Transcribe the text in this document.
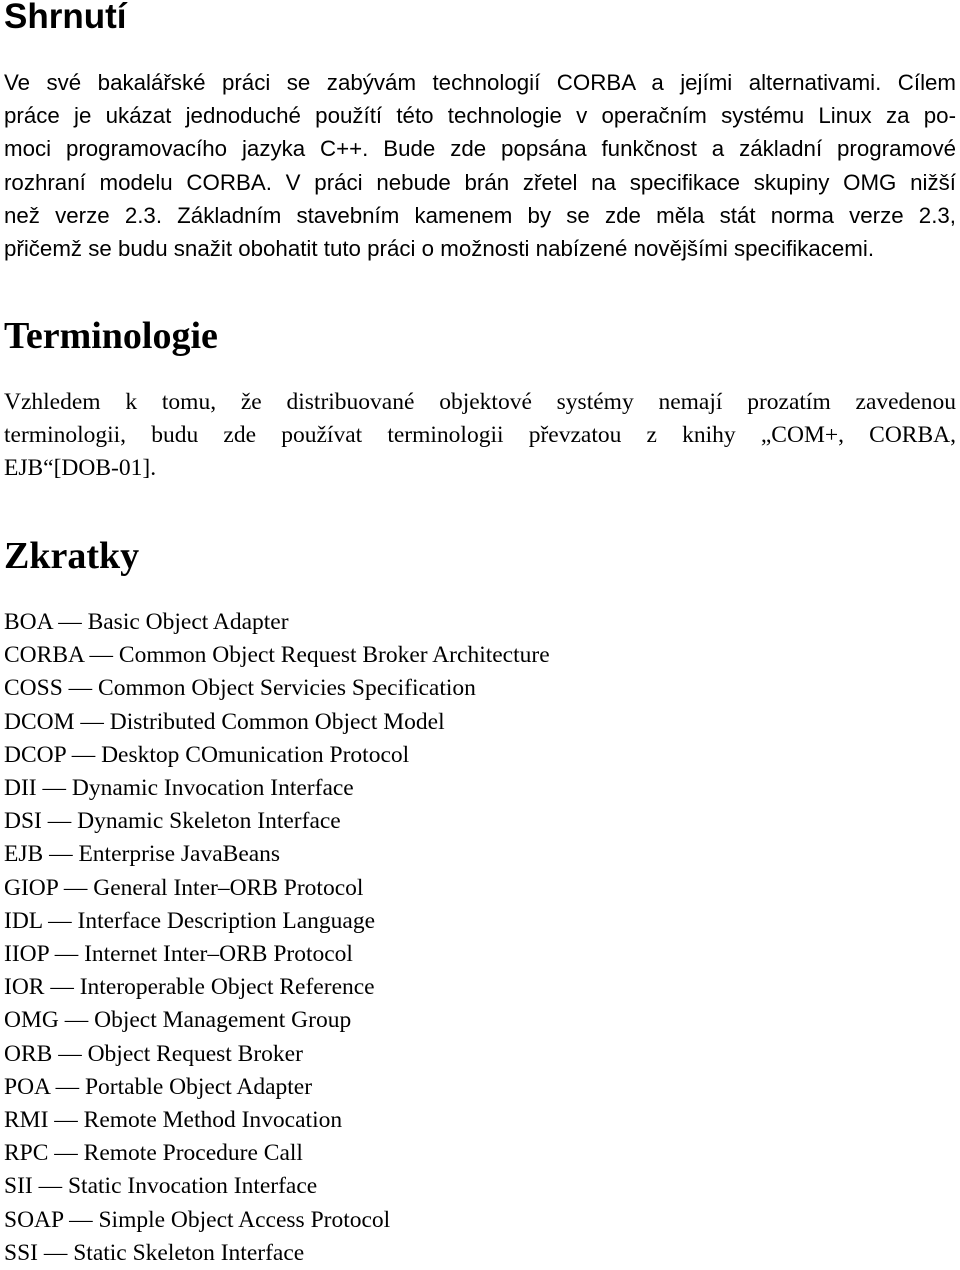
Shrnutí

Ve své bakalářské práci se zabývám technologií CORBA a jejími alternativami. Cílem
práce je ukázat jednoduché použítí této technologie v operačním systému Linux za po-
moci programovacího jazyka C++. Bude zde popsána funkčnost a základní programové
rozhraní modelu CORBA. V práci nebude brán zřetel na specifikace skupiny OMG nižší
než verze 2.3. Základním stavebním kamenem by se zde měla stát norma verze 2.3,
přičemž se budu snažit obohatit tuto práci o možnosti nabízené novějšími specifikacemi.

Terminologie

Vzhledem k tomu, že distribuované objektové systémy nemají prozatím zavedenou
terminologii, budu zde používat terminologii převzatou z knihy „COM+, CORBA,
EJB“[DOB-01].

Zkratky
BOA — Basic Object Adapter
CORBA — Common Object Request Broker Architecture
COSS — Common Object Servicies Specification
DCOM — Distributed Common Object Model
DCOP — Desktop COmunication Protocol
DII — Dynamic Invocation Interface
DSI — Dynamic Skeleton Interface
EJB — Enterprise JavaBeans
GIOP — General Inter–ORB Protocol
IDL — Interface Description Language
IIOP — Internet Inter–ORB Protocol
IOR — Interoperable Object Reference
OMG — Object Management Group
ORB — Object Request Broker
POA — Portable Object Adapter
RMI — Remote Method Invocation
RPC — Remote Procedure Call
SII — Static Invocation Interface
SOAP — Simple Object Access Protocol
SSI — Static Skeleton Interface
